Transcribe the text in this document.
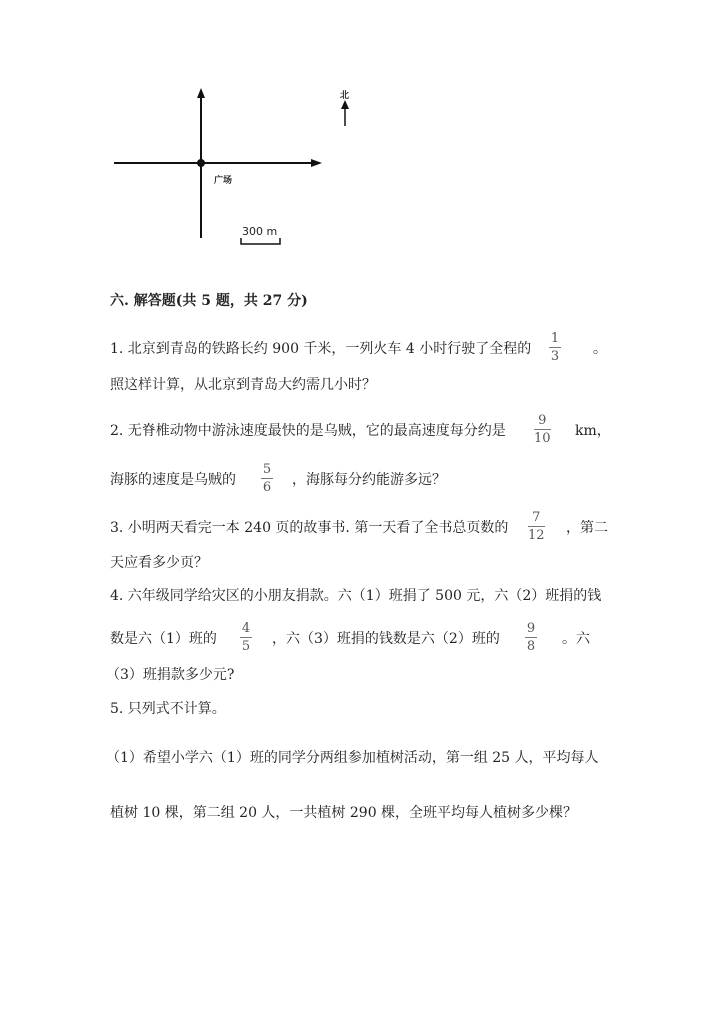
北
广场
300 m
六. 解答题(共 5 题，共 27 分)
1. 北京到青岛的铁路长约 900 千米，一列火车 4 小时行驶了全程的
1
3 。
照这样计算，从北京到青岛大约需几小时？
2. 无脊椎动物中游泳速度最快的是乌贼，它的最高速度每分约是
9
10 km，
海豚的速度是乌贼的
5
6 ，海豚每分约能游多远？
3. 小明两天看完一本 240 页的故事书. 第一天看了全书总页数的
7
12 ，第二
天应看多少页？
4. 六年级同学给灾区的小朋友捐款。六（1）班捐了 500 元，六（2）班捐的钱
数是六（1）班的
4
5 ，六（3）班捐的钱数是六（2）班的
9
8 。六
（3）班捐款多少元?
5. 只列式不计算。
（1）希望小学六（1）班的同学分两组参加植树活动，第一组 25 人，平均每人
植树 10 棵，第二组 20 人，一共植树 290 棵，全班平均每人植树多少棵？
